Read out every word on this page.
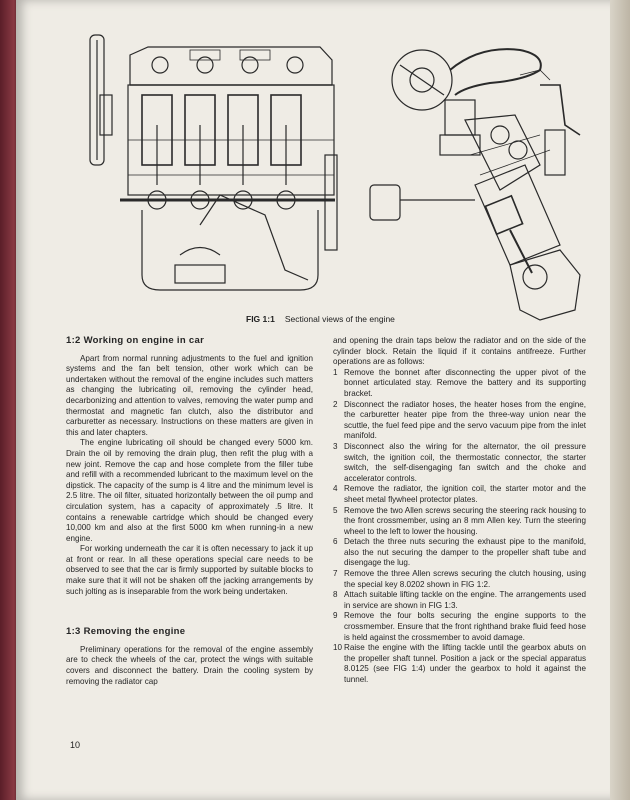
FIG 1:1 Sectional views of the engine
1:2 Working on engine in car

Apart from normal running adjustments to the fuel and ignition systems and the fan belt tension, other work which can be undertaken without the removal of the engine includes such matters as changing the lubricating oil, removing the cylinder head, decarbonizing and attention to valves, removing the water pump and thermostat and magnetic fan clutch, also the distributor and carburetter as necessary. Instructions on these matters are given in this and later chapters.

The engine lubricating oil should be changed every 5000 km. Drain the oil by removing the drain plug, then refit the plug with a new joint. Remove the cap and hose complete from the filler tube and refill with a recommended lubricant to the maximum level on the dipstick. The capacity of the sump is 4 litre and the minimum level is 2.5 litre. The oil filter, situated horizontally between the oil pump and circulation system, has a capacity of approximately .5 litre. It contains a renewable cartridge which should be changed every 10,000 km and also at the first 5000 km when running-in a new engine.

For working underneath the car it is often necessary to jack it up at front or rear. In all these operations special care needs to be observed to see that the car is firmly supported by suitable blocks to make sure that it will not be shaken off the jacking arrangements by such jolting as is inseparable from the work being undertaken.

1:3 Removing the engine

Preliminary operations for the removal of the engine assembly are to check the wheels of the car, protect the wings with suitable covers and disconnect the battery. Drain the cooling system by removing the radiator cap

and opening the drain taps below the radiator and on the side of the cylinder block. Retain the liquid if it contains antifreeze. Further operations are as follows:

1 Remove the bonnet after disconnecting the upper pivot of the bonnet articulated stay. Remove the battery and its supporting bracket.
2 Disconnect the radiator hoses, the heater hoses from the engine, the carburetter heater pipe from the three-way union near the scuttle, the fuel feed pipe and the servo vacuum pipe from the inlet manifold.
3 Disconnect also the wiring for the alternator, the oil pressure switch, the ignition coil, the thermostatic connector, the starter switch, the self-disengaging fan switch and the choke and accelerator controls.
4 Remove the radiator, the ignition coil, the starter motor and the sheet metal flywheel protector plates.
5 Remove the two Allen screws securing the steering rack housing to the front crossmember, using an 8 mm Allen key. Turn the steering wheel to the left to lower the housing.
6 Detach the three nuts securing the exhaust pipe to the manifold, also the nut securing the damper to the propeller shaft tube and disengage the lug.
7 Remove the three Allen screws securing the clutch housing, using the special key 8.0202 shown in FIG 1:2.
8 Attach suitable lifting tackle on the engine. The arrangements used in service are shown in FIG 1:3.
9 Remove the four bolts securing the engine supports to the crossmember. Ensure that the front righthand brake fluid feed hose is held against the crossmember to avoid damage.
10 Raise the engine with the lifting tackle until the gearbox abuts on the propeller shaft tunnel. Position a jack or the special apparatus 8.0125 (see FIG 1:4) under the gearbox to hold it against the tunnel.
10
